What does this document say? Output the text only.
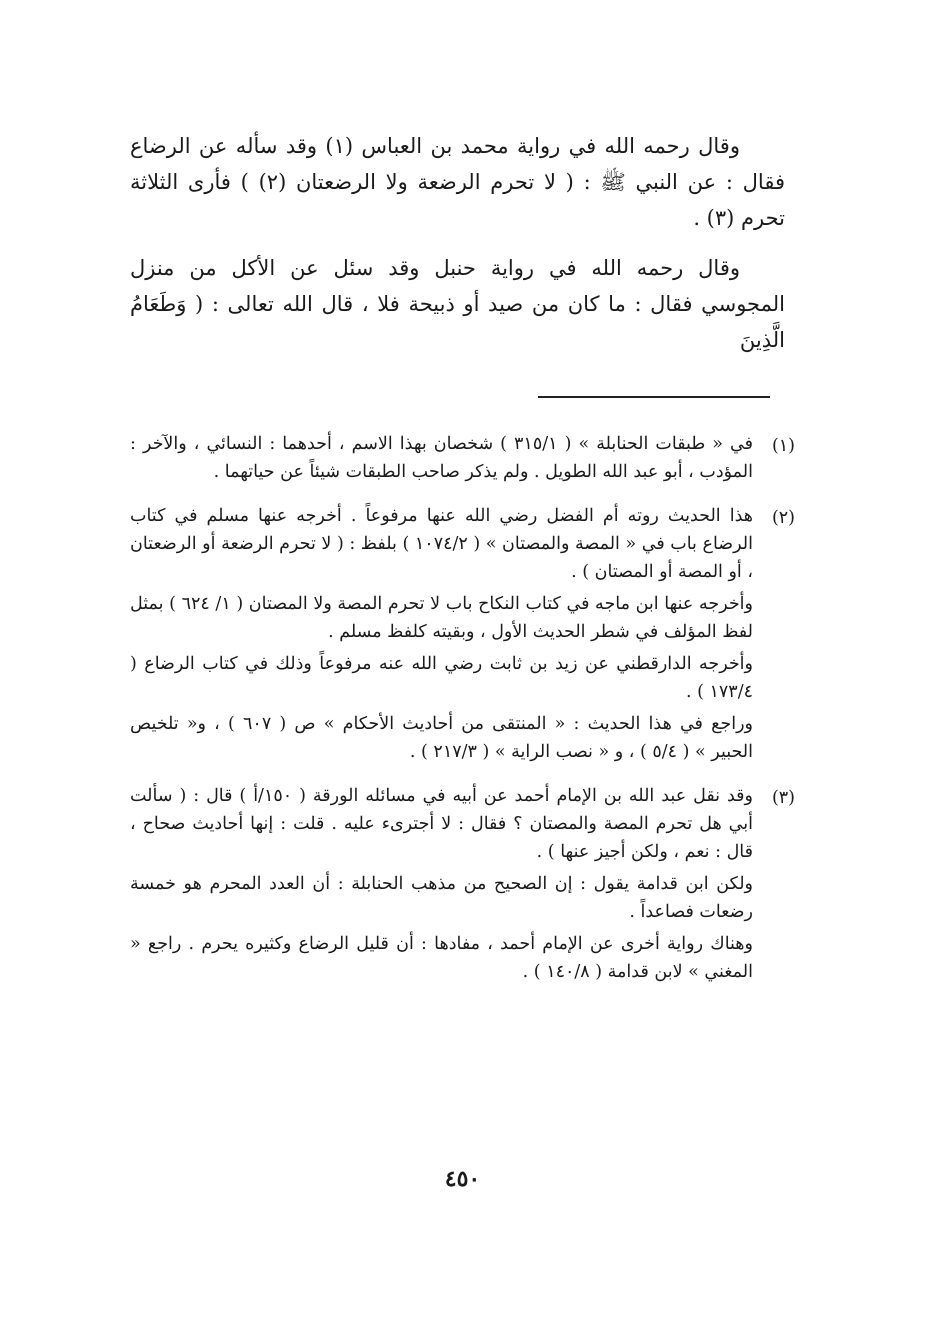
وقال رحمه الله في رواية محمد بن العباس (١) وقد سأله عن الرضاع فقال : عن النبي ﷺ : ( لا تحرم الرضعة ولا الرضعتان (٢) ) فأرى الثلاثة تحرم (٣) .

وقال رحمه الله في رواية حنبل وقد سئل عن الأكل من منزل المجوسي فقال : ما كان من صيد أو ذبيحة فلا ، قال الله تعالى : ( وَطَعَامُ الَّذِينَ

(١)

في « طبقات الحنابلة » ( ٣١٥/١ ) شخصان بهذا الاسم ، أحدهما : النسائي ، والآخر : المؤدب ، أبو عبد الله الطويل . ولم يذكر صاحب الطبقات شيئاً عن حياتهما .

(٢)

هذا الحديث روته أم الفضل رضي الله عنها مرفوعاً . أخرجه عنها مسلم في كتاب الرضاع باب في « المصة والمصتان » ( ١٠٧٤/٢ ) بلفظ : ( لا تحرم الرضعة أو الرضعتان ، أو المصة أو المصتان ) .

وأخرجه عنها ابن ماجه في كتاب النكاح باب لا تحرم المصة ولا المصتان ( ١/ ٦٢٤ ) بمثل لفظ المؤلف في شطر الحديث الأول ، وبقيته كلفظ مسلم .

وأخرجه الدارقطني عن زيد بن ثابت رضي الله عنه مرفوعاً وذلك في كتاب الرضاع ( ١٧٣/٤ ) .

وراجع في هذا الحديث : « المنتقى من أحاديث الأحكام » ص ( ٦٠٧ ) ، و« تلخيص الحبير » ( ٥/٤ ) ، و « نصب الراية » ( ٢١٧/٣ ) .

(٣)

وقد نقل عبد الله بن الإمام أحمد عن أبيه في مسائله الورقة ( ١٥٠/أ ) قال : ( سألت أبي هل تحرم المصة والمصتان ؟ فقال : لا أجترىء عليه . قلت : إنها أحاديث صحاح ، قال : نعم ، ولكن أجيز عنها ) .

ولكن ابن قدامة يقول : إن الصحيح من مذهب الحنابلة : أن العدد المحرم هو خمسة رضعات فصاعداً .

وهناك رواية أخرى عن الإمام أحمد ، مفادها : أن قليل الرضاع وكثيره يحرم . راجع « المغني » لابن قدامة ( ١٤٠/٨ ) .

٤٥٠
